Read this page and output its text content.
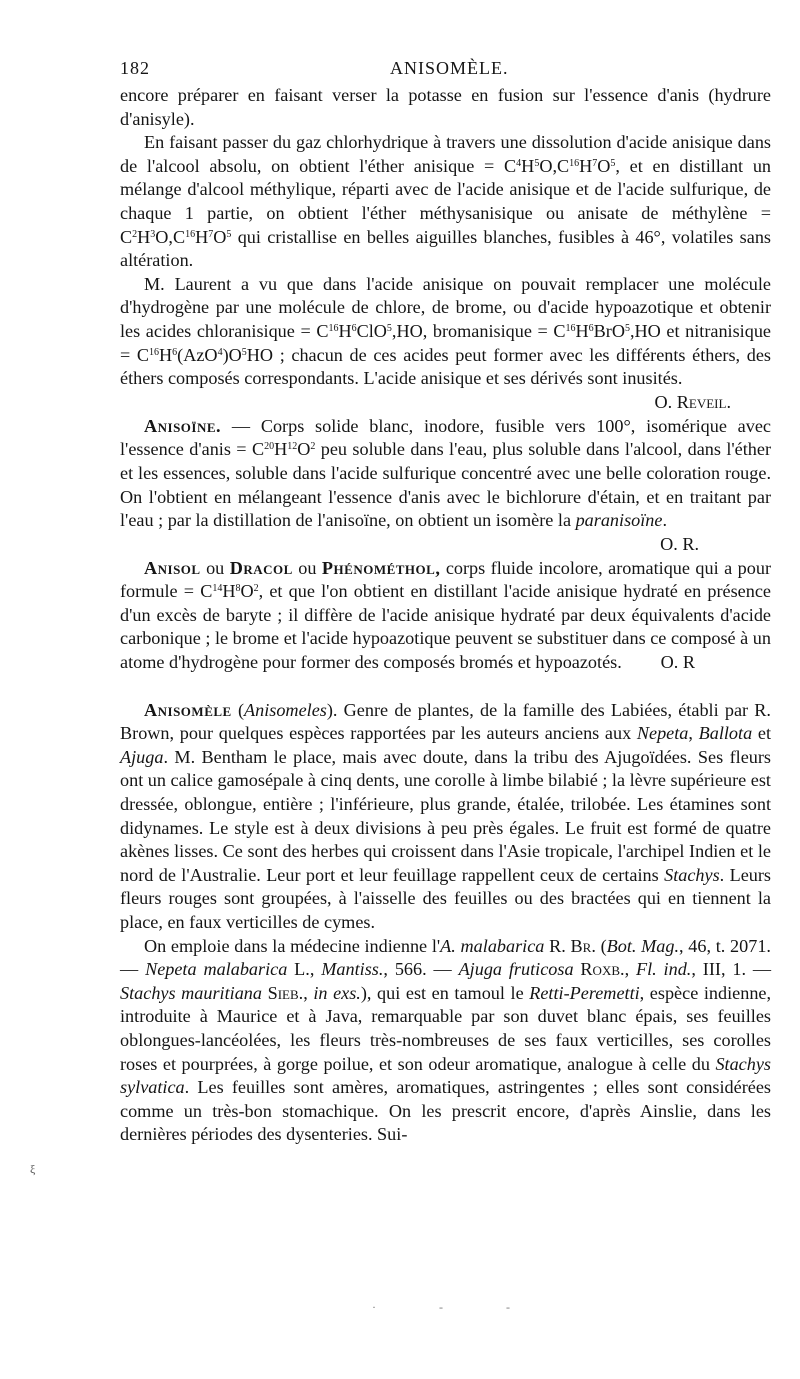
182	ANISOMÈLE.

encore préparer en faisant verser la potasse en fusion sur l'essence d'anis (hydrure d'anisyle).

En faisant passer du gaz chlorhydrique à travers une dissolution d'acide anisique dans de l'alcool absolu, on obtient l'éther anisique = $C^4H^5O,C^{16}H^7O^5$, et en distillant un mélange d'alcool méthylique, réparti avec de l'acide anisique et de l'acide sulfurique, de chaque 1 partie, on obtient l'éther méthysanisique ou anisate de méthylène = $C^2H^3O,C^{16}H^7O^5$ qui cristallise en belles aiguilles blanches, fusibles à 46°, volatiles sans altération.

M. Laurent a vu que dans l'acide anisique on pouvait remplacer une molécule d'hydrogène par une molécule de chlore, de brome, ou d'acide hypoazotique et obtenir les acides chloranisique = $C^{16}H^6ClO^5,HO$, bromanisique = $C^{16}H^6BrO^5,HO$ et nitranisique = $C^{16}H^6(AzO^4)O^5HO$ ; chacun de ces acides peut former avec les différents éthers, des éthers composés correspondants. L'acide anisique et ses dérivés sont inusités.
O. Reveil.

Anisoïne. — Corps solide blanc, inodore, fusible vers 100°, isomérique avec l'essence d'anis = $C^{20}H^{12}O^2$ peu soluble dans l'eau, plus soluble dans l'alcool, dans l'éther et les essences, soluble dans l'acide sulfurique concentré avec une belle coloration rouge. On l'obtient en mélangeant l'essence d'anis avec le bichlorure d'étain, et en traitant par l'eau ; par la distillation de l'anisoïne, on obtient un isomère la paranisoïne.
O. R.

Anisol ou Dracol ou Phénométhol, corps fluide incolore, aromatique qui a pour formule = $C^{14}H^8O^2$, et que l'on obtient en distillant l'acide anisique hydraté en présence d'un excès de baryte ; il diffère de l'acide anisique hydraté par deux équivalents d'acide carbonique ; le brome et l'acide hypoazotique peuvent se substituer dans ce composé à un atome d'hydrogène pour former des composés bromés et hypoazotés.	O. R

Anisomèle (Anisomeles). Genre de plantes, de la famille des Labiées, établi par R. Brown, pour quelques espèces rapportées par les auteurs anciens aux Nepeta, Ballota et Ajuga. M. Bentham le place, mais avec doute, dans la tribu des Ajugoïdées. Ses fleurs ont un calice gamosépale à cinq dents, une corolle à limbe bilabié ; la lèvre supérieure est dressée, oblongue, entière ; l'inférieure, plus grande, étalée, trilobée. Les étamines sont didynames. Le style est à deux divisions à peu près égales. Le fruit est formé de quatre akènes lisses. Ce sont des herbes qui croissent dans l'Asie tropicale, l'archipel Indien et le nord de l'Australie. Leur port et leur feuillage rappellent ceux de certains Stachys. Leurs fleurs rouges sont groupées, à l'aisselle des feuilles ou des bractées qui en tiennent la place, en faux verticilles de cymes.

On emploie dans la médecine indienne l'A. malabarica R. Br. (Bot. Mag., 46, t. 2071. — Nepeta malabarica L., Mantiss., 566. — Ajuga fruticosa Roxb., Fl. ind., III, 1. — Stachys mauritiana Sieb., in exs.), qui est en tamoul le Retti-Peremetti, espèce indienne, introduite à Maurice et à Java, remarquable par son duvet blanc épais, ses feuilles oblongues-lancéolées, les fleurs très-nombreuses de ses faux verticilles, ses corolles roses et pourprées, à gorge poilue, et son odeur aromatique, analogue à celle du Stachys sylvatica. Les feuilles sont amères, aromatiques, astringentes ; elles sont considérées comme un très-bon stomachique. On les prescrit encore, d'après Ainslie, dans les dernières périodes des dysenteries. Sui-

ξ
· - -
